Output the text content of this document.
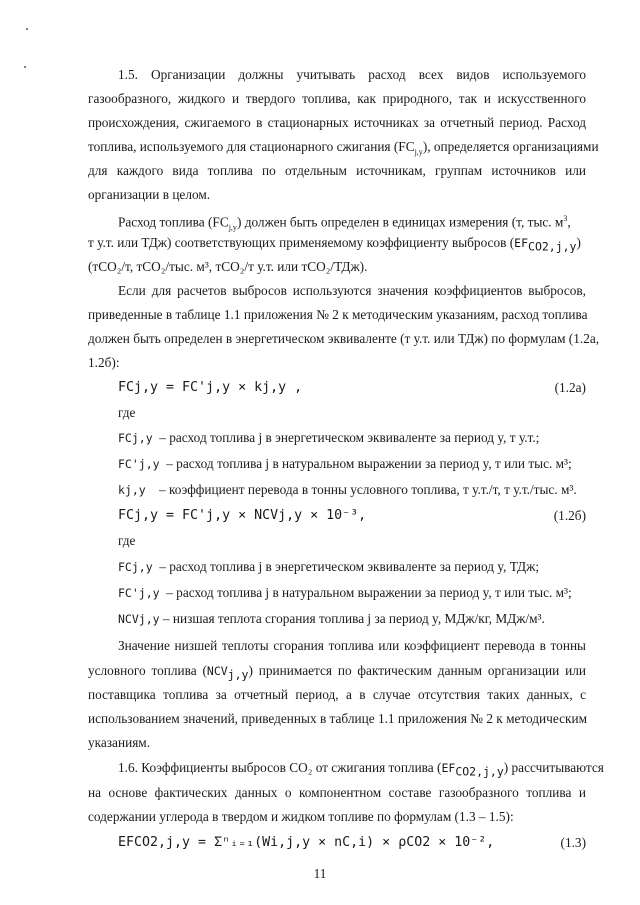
1.5. Организации должны учитывать расход всех видов используемого
газообразного, жидкого и твердого топлива, как природного, так и искусственного
происхождения, сжигаемого в стационарных источниках за отчетный период. Расход
топлива, используемого для стационарного сжигания $(FC_{j,y})$, определяется организациями
для каждого вида топлива по отдельным источникам, группам источников или
организации в целом.
Расход топлива $(FC_{j,y})$ должен быть определен в единицах измерения (т, тыс. $м^3$,
т у.т. или ТДж) соответствующих применяемому коэффициенту выбросов $(EF_{CO2,j,y})$
(тCO₂/т, тCO₂/тыс. м³, тCO₂/т у.т. или тCO₂/ТДж).
Если для расчетов выбросов используются значения коэффициентов выбросов,
приведенные в таблице 1.1 приложения № 2 к методическим указаниям, расход топлива
должен быть определен в энергетическом эквиваленте (т у.т. или ТДж) по формулам (1.2а,
1.2б):
FCj,y = FC'j,y × kj,y ,	(1.2а)
где
FCj,y – расход топлива j в энергетическом эквиваленте за период y, т у.т.;
FC'j,y – расход топлива j в натуральном выражении за период y, т или тыс. м³;
kj,y – коэффициент перевода в тонны условного топлива, т у.т./т, т у.т./тыс. м³.
FCj,y = FC'j,y × NCVj,y × 10⁻³,	(1.2б)
где
FCj,y – расход топлива j в энергетическом эквиваленте за период y, ТДж;
FC'j,y – расход топлива j в натуральном выражении за период y, т или тыс. м³;
NCVj,y – низшая теплота сгорания топлива j за период y, МДж/кг, МДж/м³.
Значение низшей теплоты сгорания топлива или коэффициент перевода в тонны
условного топлива $(NCV_{j,y})$ принимается по фактическим данным организации или
поставщика топлива за отчетный период, а в случае отсутствия таких данных, с
использованием значений, приведенных в таблице 1.1 приложения № 2 к методическим
указаниям.
1.6. Коэффициенты выбросов CO₂ от сжигания топлива $(EF_{CO2,j,y})$ рассчитываются
на основе фактических данных о компонентном составе газообразного топлива и
содержании углерода в твердом и жидком топливе по формулам (1.3 – 1.5):
EFCO2,j,y = Σⁿᵢ₌₁(Wi,j,y × nC,i) × ρCO2 × 10⁻²,	(1.3)
11
